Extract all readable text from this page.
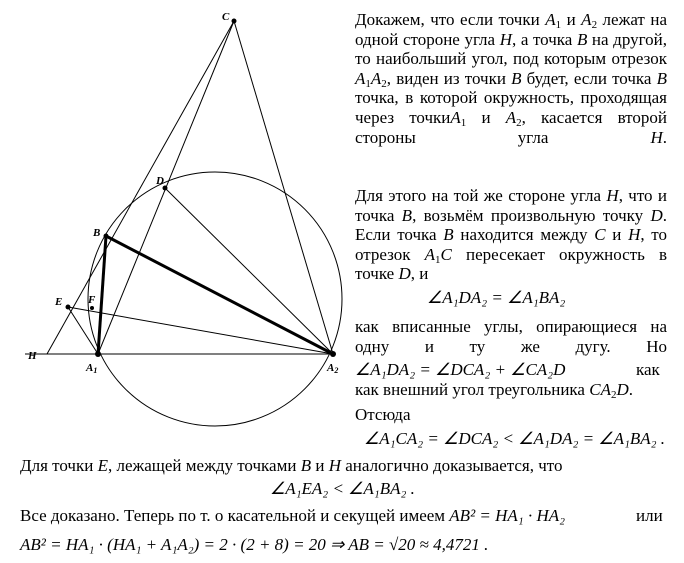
C
D
B
E F
H
A1	A2
Докажем, что если точки $A_1$ и $A_2$ лежат на одной стороне угла H, а точка B на другой, то наибольший угол, под которым отрезок $A_1A_2$, виден из точки B будет, если точка B точка, в которой окружность, проходящая через точкиA$_1$ и $A_2$, касается второй стороны угла H.
Для этого на той же стороне угла H, что и точка B, возьмём произвольную точку D. Если точка B находится между C и H, то отрезок $A_1C$ пересекает окружность в точке D, и
∠A₁DA₂ = ∠A₁BA₂
как вписанные углы, опирающиеся на одну и ту же дугу. Но
∠A₁DA₂ = ∠DCA₂ + ∠CA₂D	как
как внешний угол треугольника $CA_2D$.
Отсюда
∠A₁CA₂ = ∠DCA₂ < ∠A₁DA₂ = ∠A₁BA₂ .
Для точки E, лежащей между точками B и H аналогично доказывается, что
∠A₁EA₂ < ∠A₁BA₂ .
Все доказано. Теперь по т. о касательной и секущей имеем AB² = HA₁ · HA₂	или
AB² = HA₁ · (HA₁ + A₁A₂) = 2 · (2 + 8) = 20 ⇒ AB = √20 ≈ 4,4721 .
